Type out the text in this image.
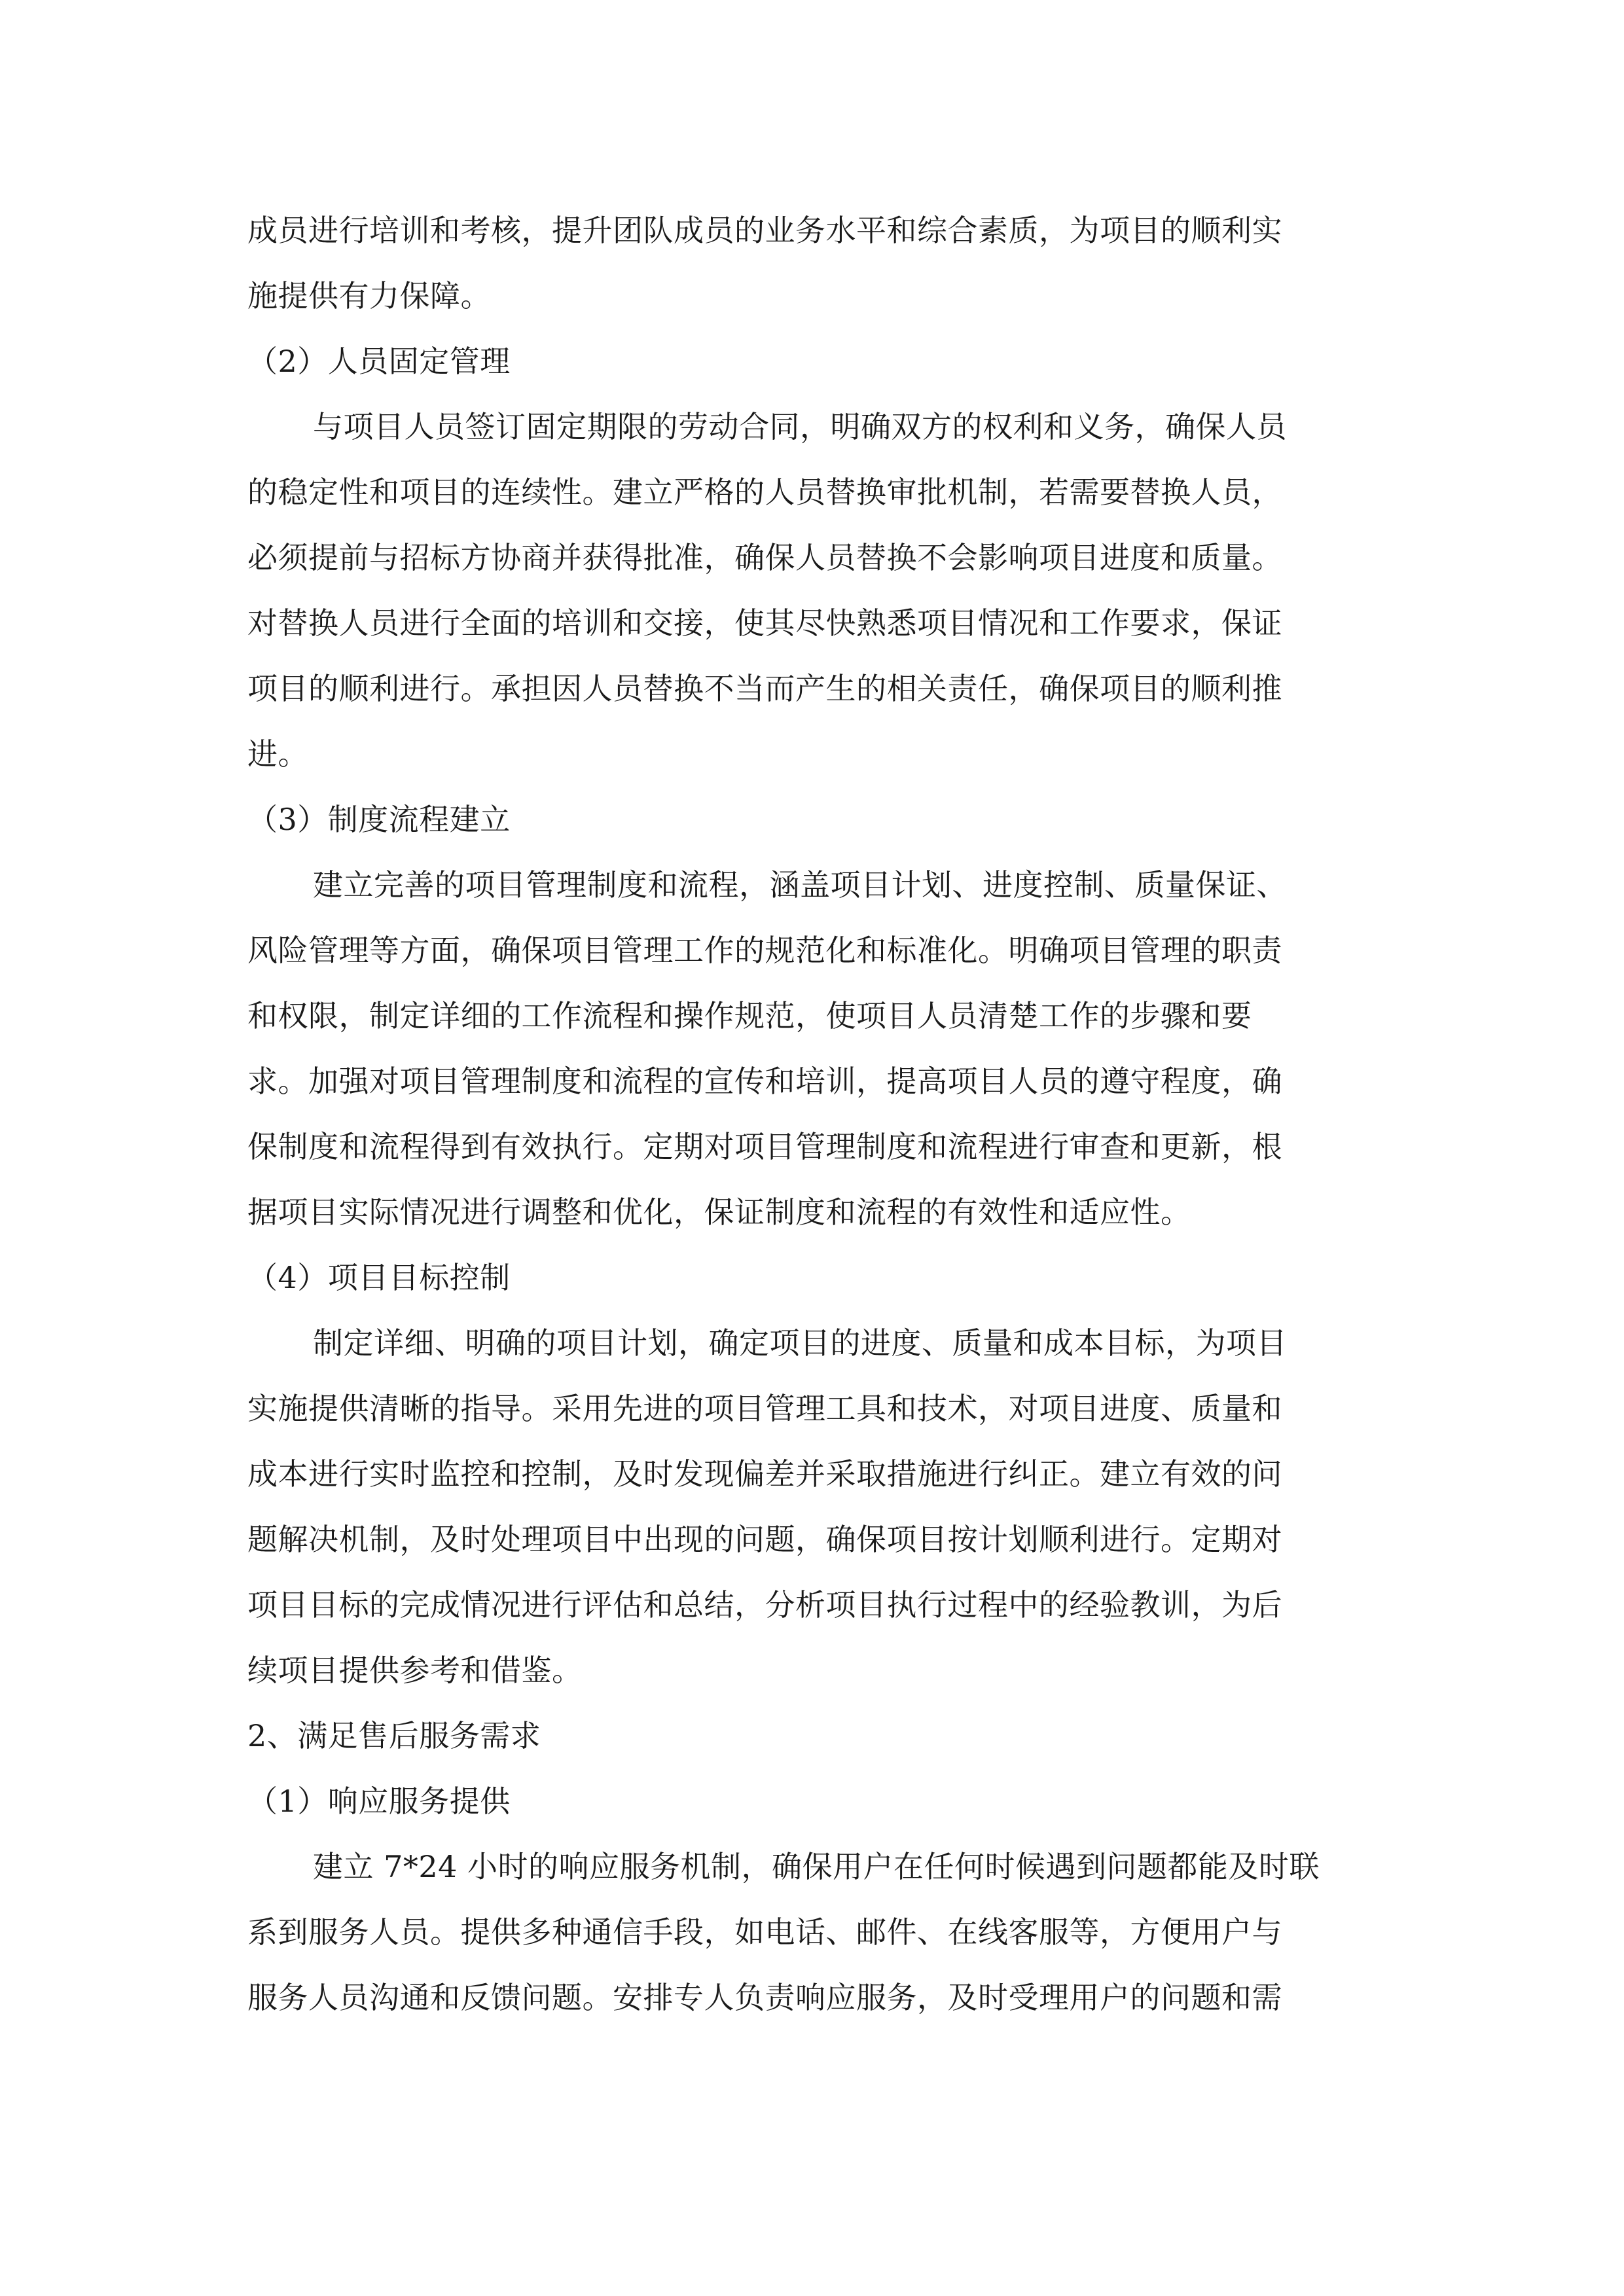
成员进行培训和考核，提升团队成员的业务水平和综合素质，为项目的顺利实
施提供有力保障。
（2）人员固定管理
与项目人员签订固定期限的劳动合同，明确双方的权利和义务，确保人员
的稳定性和项目的连续性。建立严格的人员替换审批机制，若需要替换人员，
必须提前与招标方协商并获得批准，确保人员替换不会影响项目进度和质量。
对替换人员进行全面的培训和交接，使其尽快熟悉项目情况和工作要求，保证
项目的顺利进行。承担因人员替换不当而产生的相关责任，确保项目的顺利推
进。
（3）制度流程建立
建立完善的项目管理制度和流程，涵盖项目计划、进度控制、质量保证、
风险管理等方面，确保项目管理工作的规范化和标准化。明确项目管理的职责
和权限，制定详细的工作流程和操作规范，使项目人员清楚工作的步骤和要
求。加强对项目管理制度和流程的宣传和培训，提高项目人员的遵守程度，确
保制度和流程得到有效执行。定期对项目管理制度和流程进行审查和更新，根
据项目实际情况进行调整和优化，保证制度和流程的有效性和适应性。
（4）项目目标控制
制定详细、明确的项目计划，确定项目的进度、质量和成本目标，为项目
实施提供清晰的指导。采用先进的项目管理工具和技术，对项目进度、质量和
成本进行实时监控和控制，及时发现偏差并采取措施进行纠正。建立有效的问
题解决机制，及时处理项目中出现的问题，确保项目按计划顺利进行。定期对
项目目标的完成情况进行评估和总结，分析项目执行过程中的经验教训，为后
续项目提供参考和借鉴。
2、满足售后服务需求
（1）响应服务提供
建立 7*24 小时的响应服务机制，确保用户在任何时候遇到问题都能及时联
系到服务人员。提供多种通信手段，如电话、邮件、在线客服等，方便用户与
服务人员沟通和反馈问题。安排专人负责响应服务，及时受理用户的问题和需
